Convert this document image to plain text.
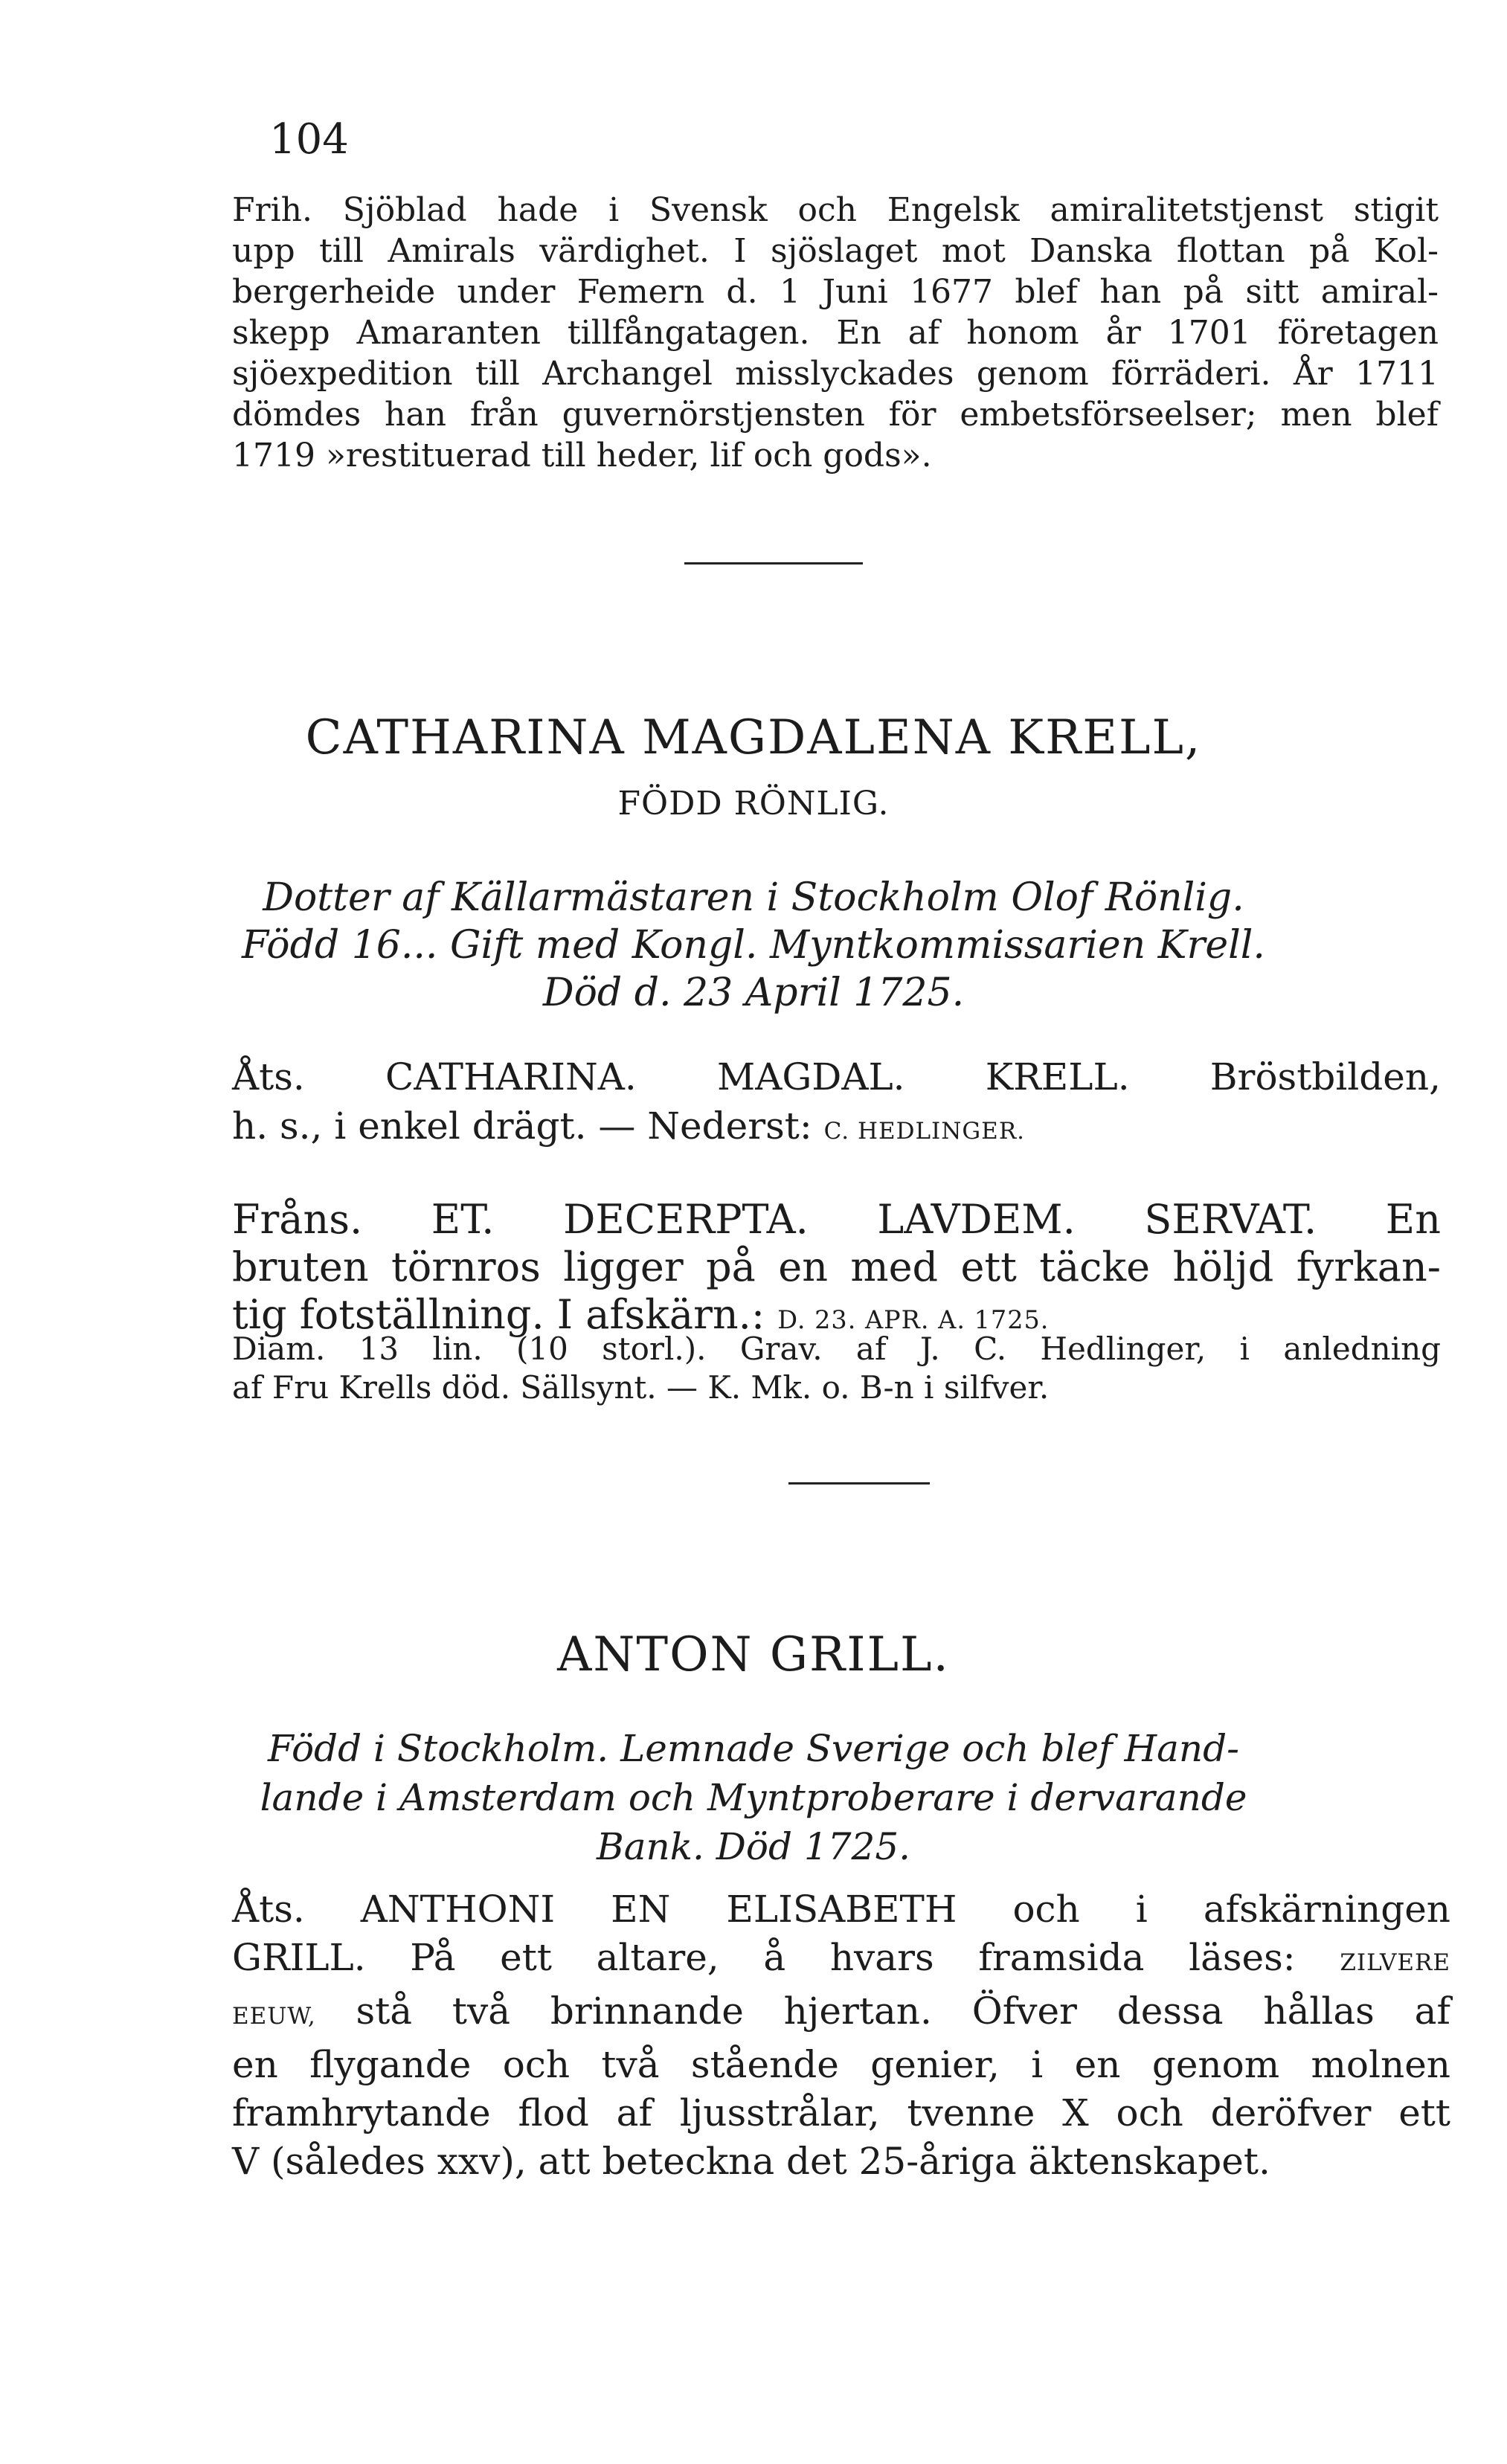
104

Frih. Sjöblad hade i Svensk och Engelsk amiralitetstjenst stigit
upp till Amirals värdighet. I sjöslaget mot Danska flottan på Kol-
bergerheide under Femern d. 1 Juni 1677 blef han på sitt amiral-
skepp Amaranten tillfångatagen. En af honom år 1701 företagen
sjöexpedition till Archangel misslyckades genom förräderi. År 1711
dömdes han från guvernörstjensten för embetsförseelser; men blef
1719 »restituerad till heder, lif och gods».

CATHARINA MAGDALENA KRELL,
FÖDD RÖNLIG.
Dotter af Källarmästaren i Stockholm Olof Rönlig.
Född 16... Gift med Kongl. Myntkommissarien Krell.
Död d. 23 April 1725.

Åts. CATHARINA. MAGDAL. KRELL. Bröstbilden,
h. s., i enkel drägt. — Nederst: C. HEDLINGER.

Fråns. ET. DECERPTA. LAVDEM. SERVAT. En
bruten törnros ligger på en med ett täcke höljd fyrkan-
tig fotställning. I afskärn.: D. 23. APR. A. 1725.

Diam. 13 lin. (10 storl.). Grav. af J. C. Hedlinger, i anledning
af Fru Krells död. Sällsynt. — K. Mk. o. B-n i silfver.

ANTON GRILL.
Född i Stockholm. Lemnade Sverige och blef Hand-
lande i Amsterdam och Myntproberare i dervarande
Bank. Död 1725.

Åts. ANTHONI EN ELISABETH och i afskärningen
GRILL. På ett altare, å hvars framsida läses: ZILVERE
EEUW, stå två brinnande hjertan. Öfver dessa hållas af
en flygande och två stående genier, i en genom molnen
framhrytande flod af ljusstrålar, tvenne X och deröfver ett
V (således xxv), att beteckna det 25-åriga äktenskapet.
